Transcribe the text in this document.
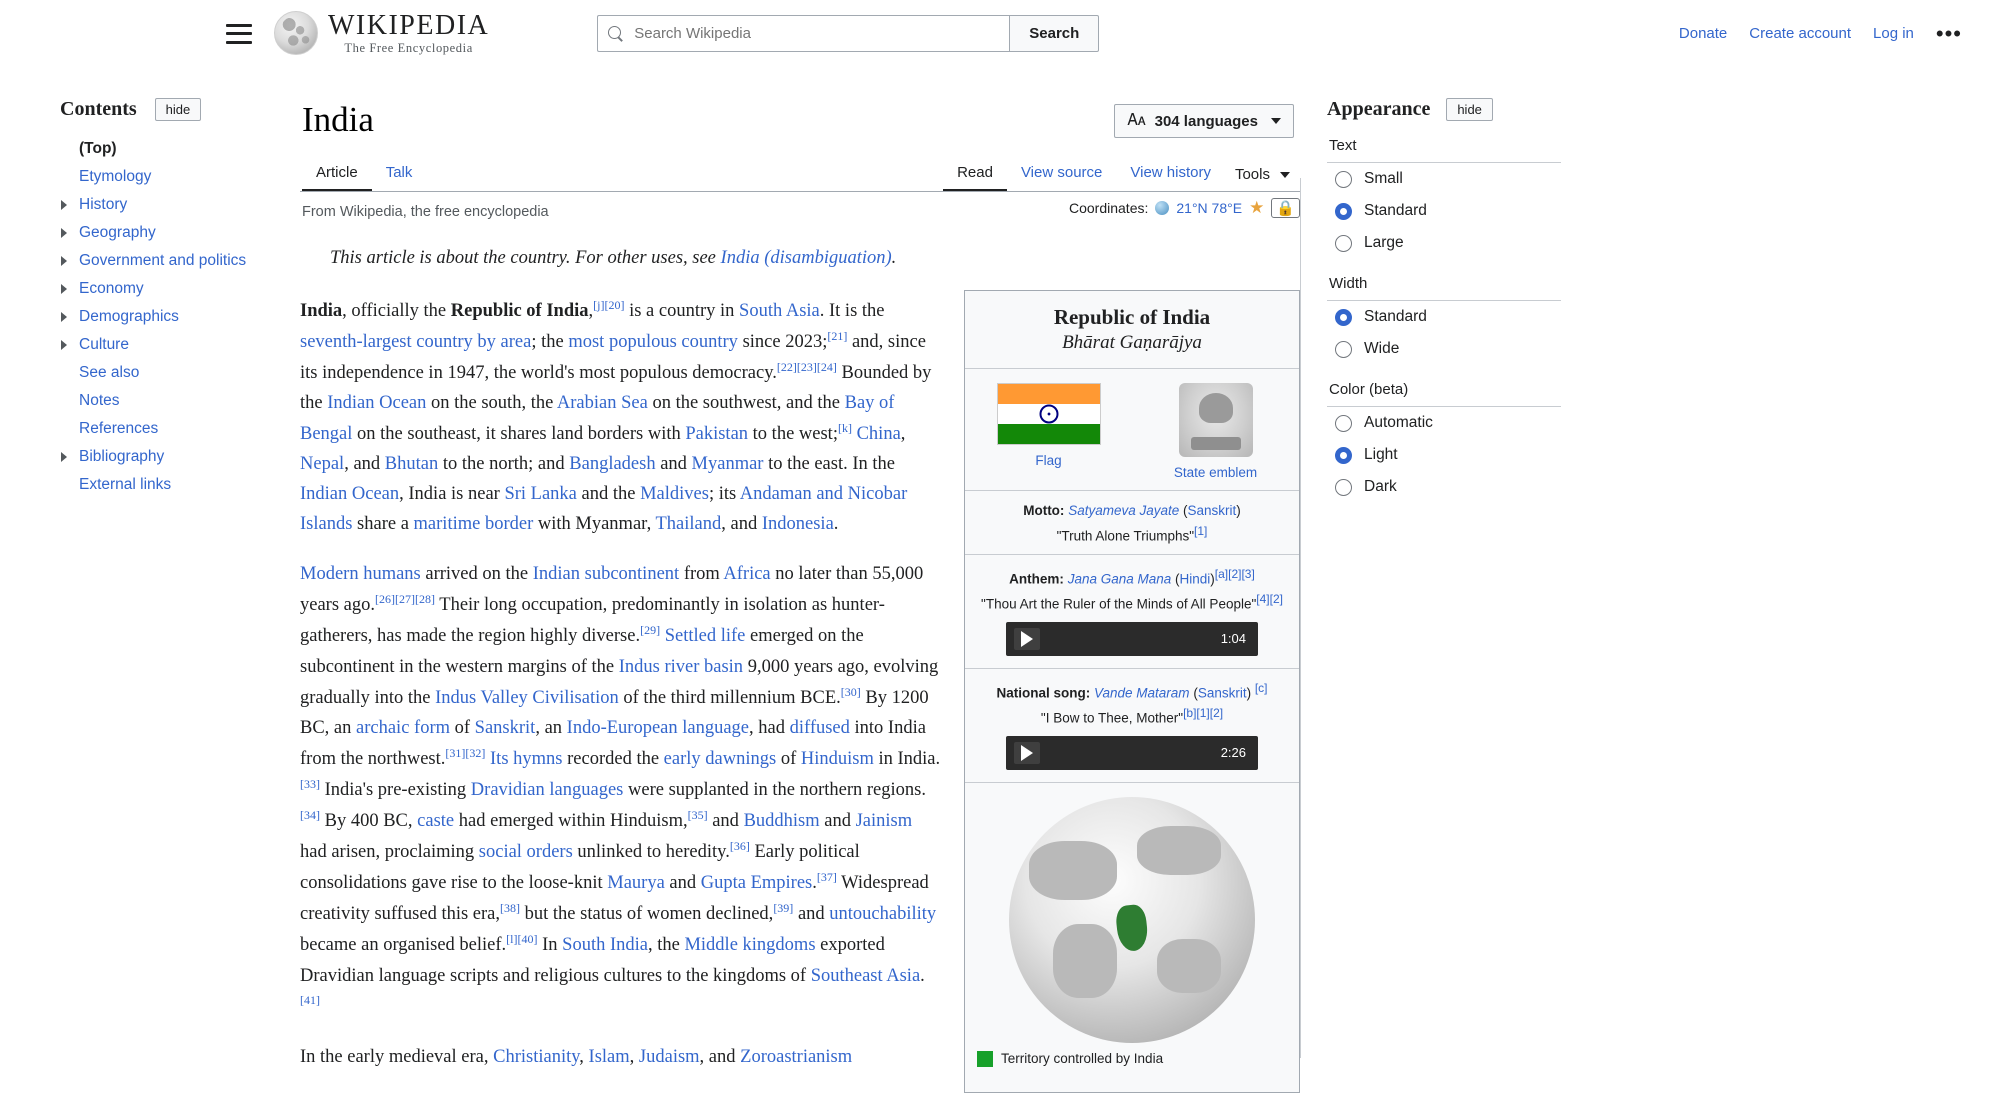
WIKIPEDIA
The Free Encyclopedia
Search Wikipedia
Search	Donate Create account Log in •••
Contents	hide
(Top)
Etymology
History
Geography
Government and politics
Economy
Demographics
Culture
See also
Notes
References
Bibliography
External links
India	🗛 304 languages
Article	Talk	Read	View source	View history	Tools
From Wikipedia, the free encyclopedia	Coordinates: 21°N 78°E ★ 🔒
This article is about the country. For other uses, see India (disambiguation).

India, officially the Republic of India,[j][20] is a country in South Asia. It is the seventh-largest country by area; the most populous country since 2023;[21] and, since its independence in 1947, the world's most populous democracy.[22][23][24] Bounded by the Indian Ocean on the south, the Arabian Sea on the southwest, and the Bay of Bengal on the southeast, it shares land borders with Pakistan to the west;[k] China, Nepal, and Bhutan to the north; and Bangladesh and Myanmar to the east. In the Indian Ocean, India is near Sri Lanka and the Maldives; its Andaman and Nicobar Islands share a maritime border with Myanmar, Thailand, and Indonesia.

Modern humans arrived on the Indian subcontinent from Africa no later than 55,000 years ago.[26][27][28] Their long occupation, predominantly in isolation as hunter-gatherers, has made the region highly diverse.[29] Settled life emerged on the subcontinent in the western margins of the Indus river basin 9,000 years ago, evolving gradually into the Indus Valley Civilisation of the third millennium BCE.[30] By 1200 BC, an archaic form of Sanskrit, an Indo-European language, had diffused into India from the northwest.[31][32] Its hymns recorded the early dawnings of Hinduism in India.[33] India's pre-existing Dravidian languages were supplanted in the northern regions.[34] By 400 BC, caste had emerged within Hinduism,[35] and Buddhism and Jainism had arisen, proclaiming social orders unlinked to heredity.[36] Early political consolidations gave rise to the loose-knit Maurya and Gupta Empires.[37] Widespread creativity suffused this era,[38] but the status of women declined,[39] and untouchability became an organised belief.[l][40] In South India, the Middle kingdoms exported Dravidian language scripts and religious cultures to the kingdoms of Southeast Asia.[41]

In the early medieval era, Christianity, Islam, Judaism, and Zoroastrianism

Republic of India
Bhārat Gaṇarājya
Flag
State emblem
Motto: Satyameva Jayate (Sanskrit)
"Truth Alone Triumphs"[1]
Anthem: Jana Gana Mana (Hindi)[a][2][3]
"Thou Art the Ruler of the Minds of All People"[4][2]
1:04
National song: Vande Mataram (Sanskrit) [c]
"I Bow to Thee, Mother"[b][1][2]
2:26
Territory controlled by India
Appearance	hide
Text
Small
Standard
Large
Width
Standard
Wide
Color (beta)
Automatic
Light
Dark
